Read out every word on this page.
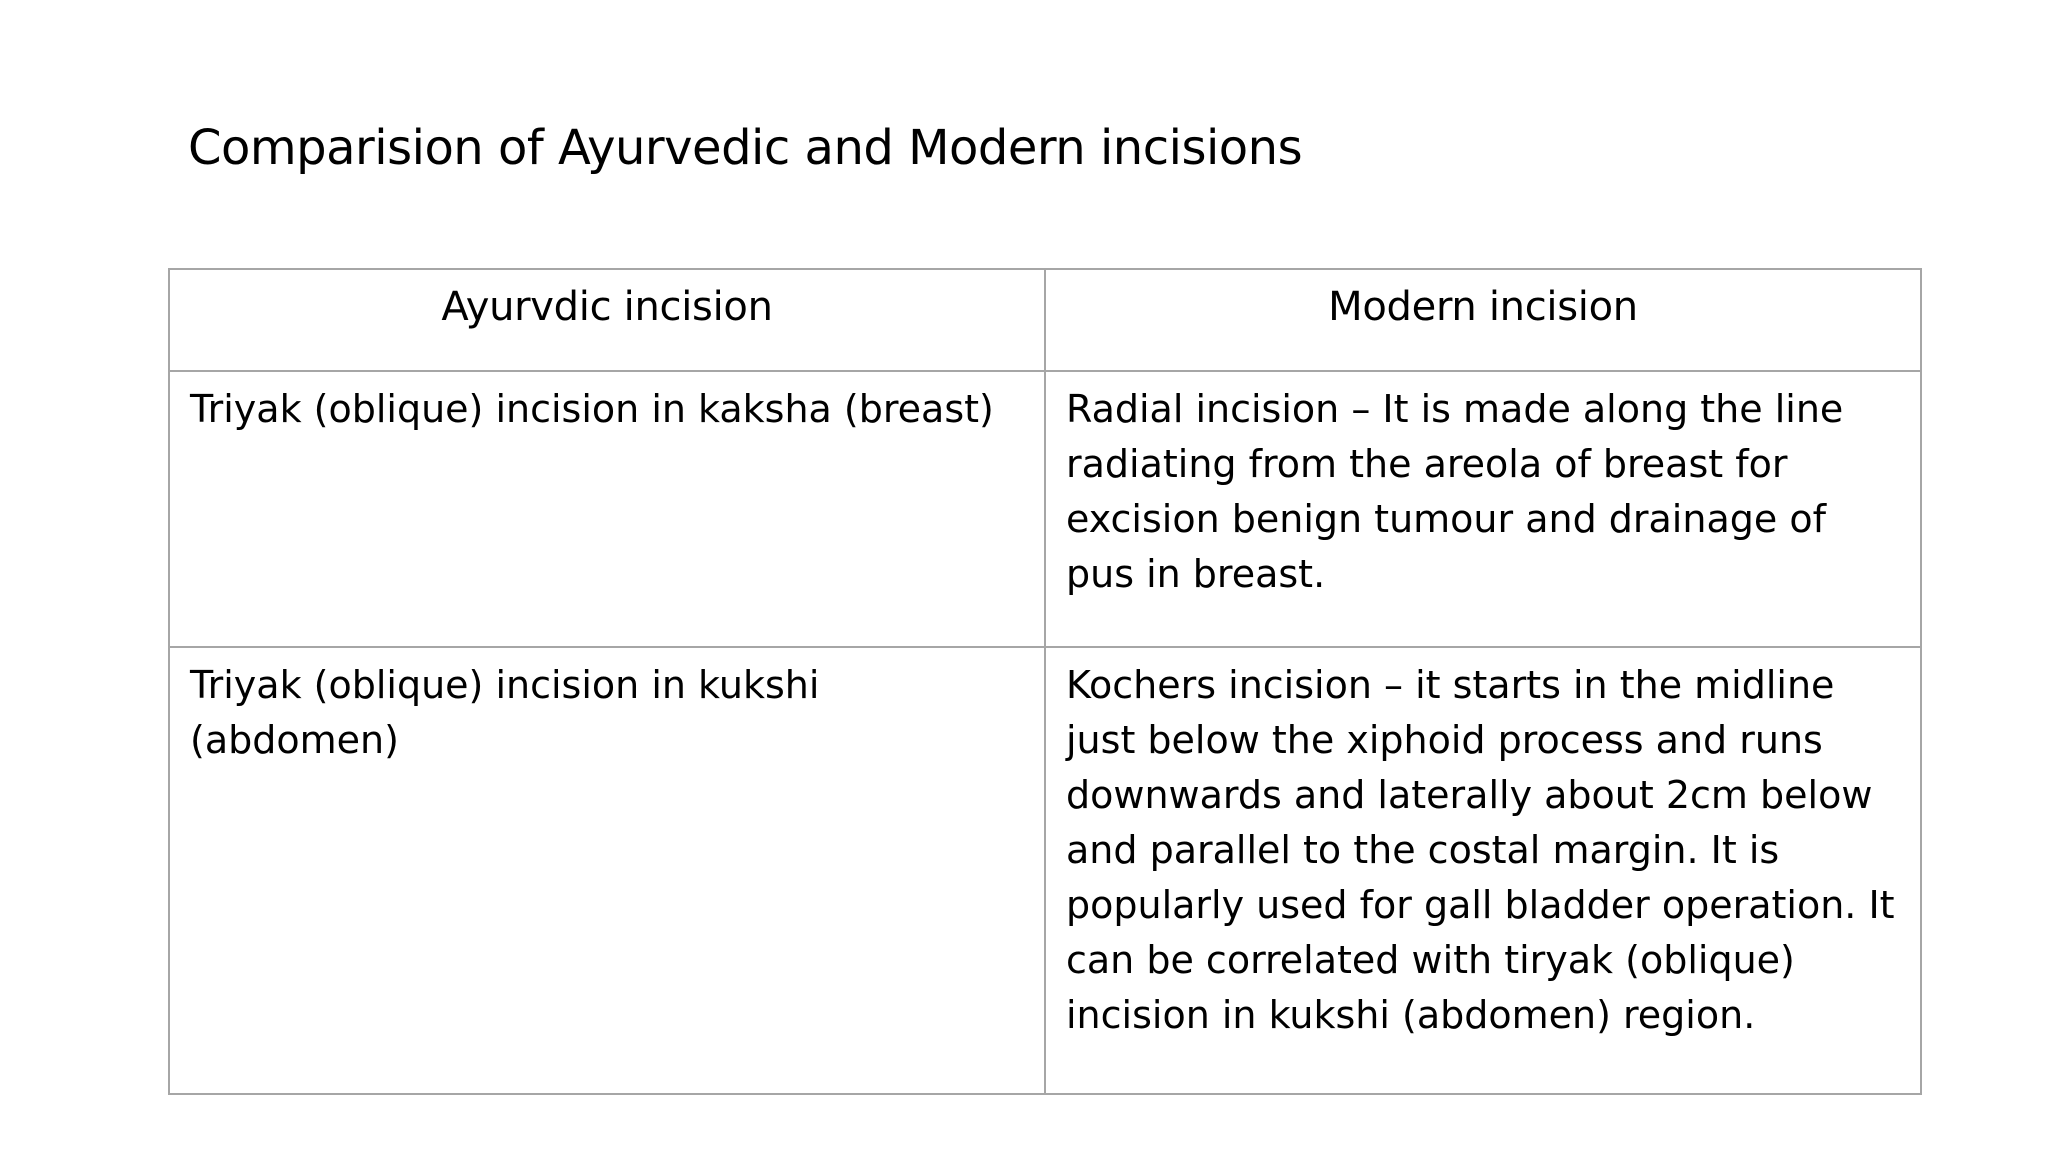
Comparision of Ayurvedic and Modern incisions
Ayurvdic incision	Modern incision
Triyak (oblique) incision in kaksha (breast)	Radial incision – It is made along the line radiating from the areola of breast for excision benign tumour and drainage of pus in breast.
Triyak (oblique) incision in kukshi (abdomen)	Kochers incision – it starts in the midline just below the xiphoid process and runs downwards and laterally about 2cm below and parallel to the costal margin. It is popularly used for gall bladder operation. It can be correlated with tiryak (oblique) incision in kukshi (abdomen) region.
